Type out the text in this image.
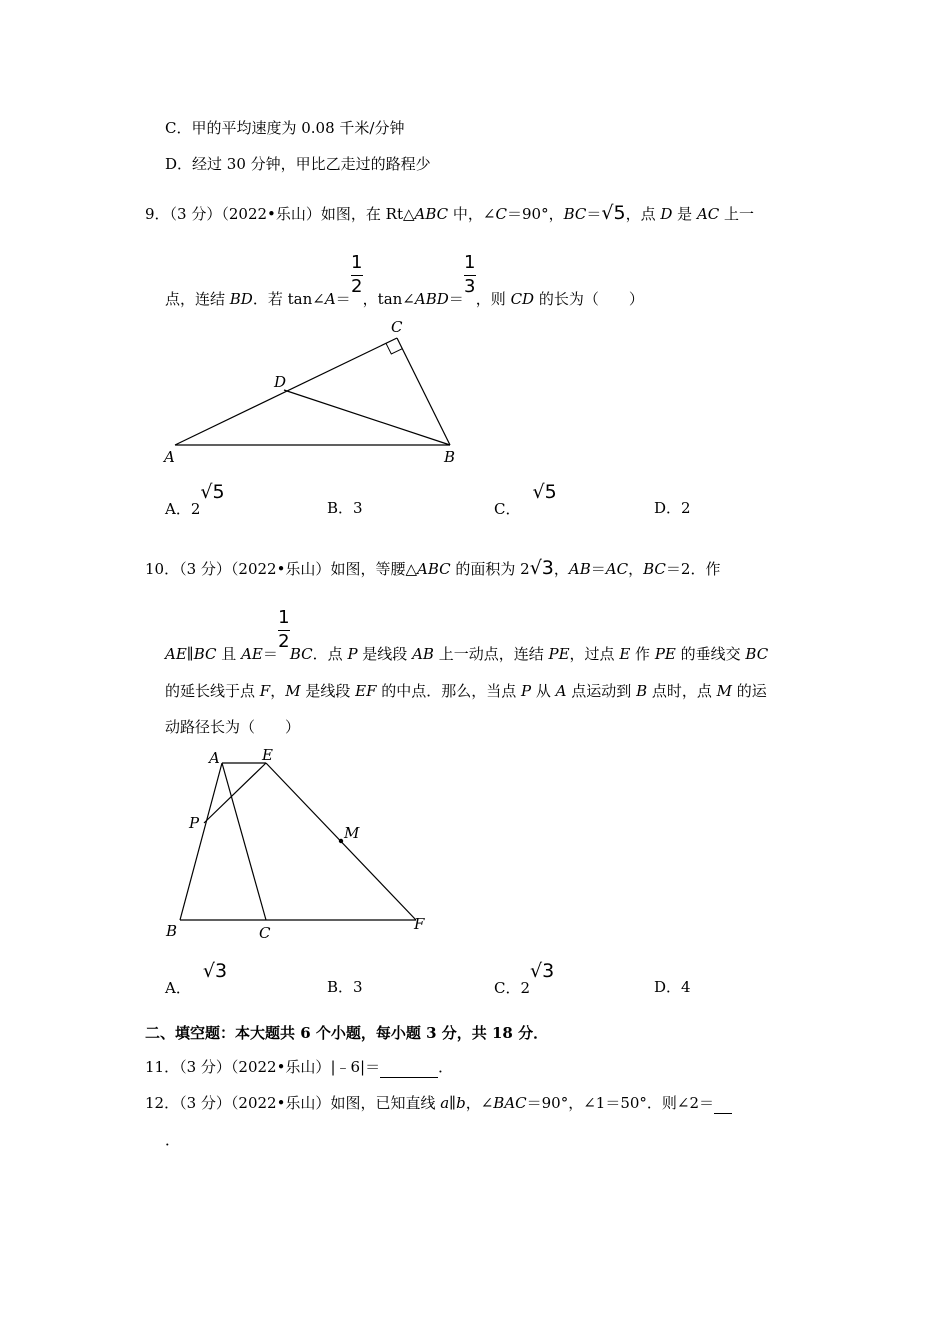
C．甲的平均速度为 0.08 千米/分钟
D．经过 30 分钟，甲比乙走过的路程少
9．（3 分）（2022•乐山）如图，在 Rt△ABC 中，∠C＝90°，BC＝√5，点 D 是 AC 上一
点，连结 BD．若 tan∠A＝ $\frac{1}{2}$ ，tan∠ABD＝ $\frac{1}{3}$ ，则 CD 的长为（　　）
A	B
C
D
A．2√5
B．3	C．√5
D．2
10．（3 分）（2022•乐山）如图，等腰△ABC 的面积为 2√3，AB＝AC，BC＝2．作
AE∥BC 且 $AE= \frac{1}{2}$ BC．点 P 是线段 AB 上一动点，连结 PE，过点 E 作 PE 的垂线交 BC
的延长线于点 F，M 是线段 EF 的中点．那么，当点 P 从 A 点运动到 B 点时，点 M 的运
动路径长为（　　）
A	E
P
M
B	C	F
A．√3
B．3	C．2√3
D．4
二、填空题：本大题共 6 个小题，每小题 3 分，共 18 分．
11．（3 分）（2022•乐山）|﹣6|＝	．
12．（3 分）（2022•乐山）如图，已知直线 a∥b，∠BAC＝90°，∠1＝50°．则∠2＝
．
